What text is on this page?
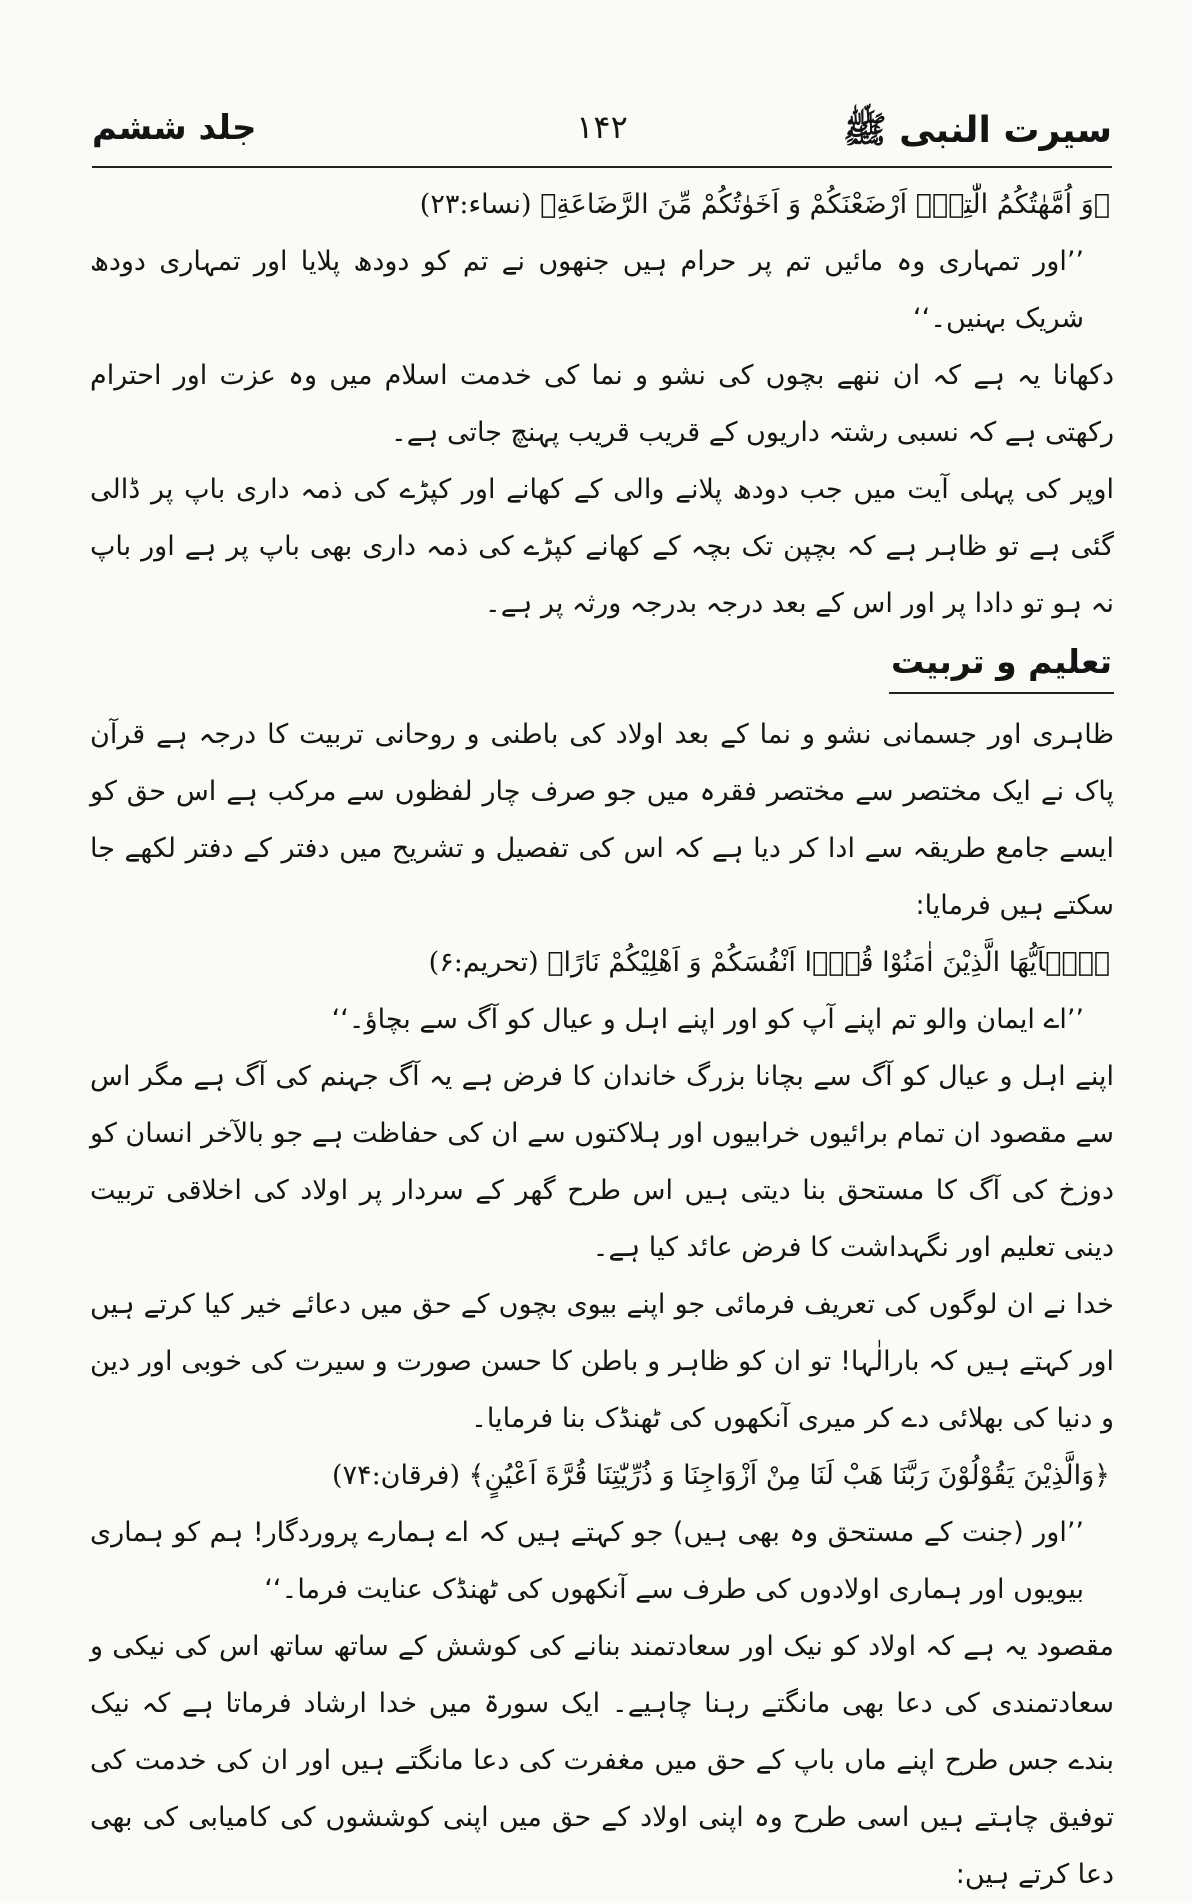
سیرت النبی ﷺ
۱۴۲
جلد ششم

﴿وَ اُمَّهٰتُكُمُ الّٰتِىْۤ اَرْضَعْنَكُمْ وَ اَخَوٰتُكُمْ مِّنَ الرَّضَاعَةِ﴾ (نساء:۲۳)

’’اور تمہاری وہ مائیں تم پر حرام ہیں جنھوں نے تم کو دودھ پلایا اور تمہاری دودھ شریک بہنیں۔‘‘

دکھانا یہ ہے کہ ان ننھے بچوں کی نشو و نما کی خدمت اسلام میں وہ عزت اور احترام رکھتی ہے کہ نسبی رشتہ داریوں کے قریب قریب پہنچ جاتی ہے۔

اوپر کی پہلی آیت میں جب دودھ پلانے والی کے کھانے اور کپڑے کی ذمہ داری باپ پر ڈالی گئی ہے تو ظاہر ہے کہ بچپن تک بچہ کے کھانے کپڑے کی ذمہ داری بھی باپ پر ہے اور باپ نہ ہو تو دادا پر اور اس کے بعد درجہ بدرجہ ورثہ پر ہے۔

تعلیم و تربیت

ظاہری اور جسمانی نشو و نما کے بعد اولاد کی باطنی و روحانی تربیت کا درجہ ہے قرآن پاک نے ایک مختصر سے مختصر فقرہ میں جو صرف چار لفظوں سے مرکب ہے اس حق کو ایسے جامع طریقہ سے ادا کر دیا ہے کہ اس کی تفصیل و تشریح میں دفتر کے دفتر لکھے جا سکتے ہیں فرمایا:

﴿يٰۤاَيُّهَا الَّذِيْنَ اٰمَنُوْا قُوْۤا اَنْفُسَكُمْ وَ اَهْلِيْكُمْ نَارًا﴾ (تحریم:۶)

’’اے ایمان والو تم اپنے آپ کو اور اپنے اہل و عیال کو آگ سے بچاؤ۔‘‘

اپنے اہل و عیال کو آگ سے بچانا بزرگ خاندان کا فرض ہے یہ آگ جہنم کی آگ ہے مگر اس سے مقصود ان تمام برائیوں خرابیوں اور ہلاکتوں سے ان کی حفاظت ہے جو بالآخر انسان کو دوزخ کی آگ کا مستحق بنا دیتی ہیں اس طرح گھر کے سردار پر اولاد کی اخلاقی تربیت دینی تعلیم اور نگہداشت کا فرض عائد کیا ہے۔

خدا نے ان لوگوں کی تعریف فرمائی جو اپنے بیوی بچوں کے حق میں دعائے خیر کیا کرتے ہیں اور کہتے ہیں کہ بارالٰہا! تو ان کو ظاہر و باطن کا حسن صورت و سیرت کی خوبی اور دین و دنیا کی بھلائی دے کر میری آنکھوں کی ٹھنڈک بنا فرمایا۔

﴿وَالَّذِيْنَ يَقُوْلُوْنَ رَبَّنَا هَبْ لَنَا مِنْ اَزْوَاجِنَا وَ ذُرِّيّٰتِنَا قُرَّةَ اَعْيُنٍ﴾ (فرقان:۷۴)

’’اور (جنت کے مستحق وہ بھی ہیں) جو کہتے ہیں کہ اے ہمارے پروردگار! ہم کو ہماری بیویوں اور ہماری اولادوں کی طرف سے آنکھوں کی ٹھنڈک عنایت فرما۔‘‘

مقصود یہ ہے کہ اولاد کو نیک اور سعادتمند بنانے کی کوشش کے ساتھ ساتھ اس کی نیکی و سعادتمندی کی دعا بھی مانگتے رہنا چاہیے۔ ایک سورۃ میں خدا ارشاد فرماتا ہے کہ نیک بندے جس طرح اپنے ماں باپ کے حق میں مغفرت کی دعا مانگتے ہیں اور ان کی خدمت کی توفیق چاہتے ہیں اسی طرح وہ اپنی اولاد کے حق میں اپنی کوششوں کی کامیابی کی بھی دعا کرتے ہیں:
